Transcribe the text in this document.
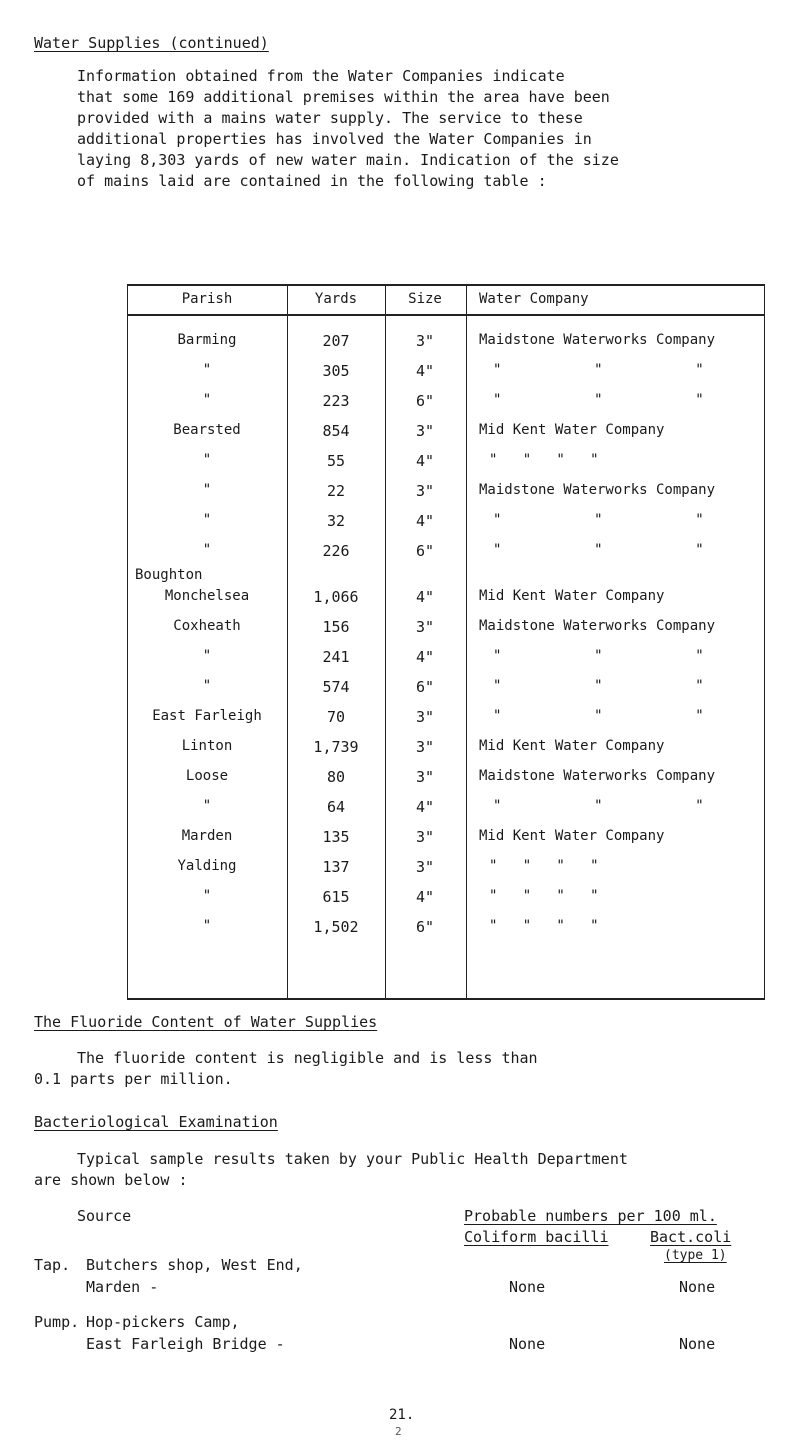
Water Supplies (continued)
Information obtained from the Water Companies indicate
that some 169 additional premises within the area have been
provided with a mains water supply. The service to these
additional properties has involved the Water Companies in
laying 8,303 yards of new water main. Indication of the size
of mains laid are contained in the following table :
Parish	Yards	Size	Water Company
Barming	207	3"	Maidstone Waterworks Company
"	305	4"	"           "           "
"	223	6"	"           "           "
Bearsted	854	3"	Mid Kent Water Company
"	55	4"	"   "   "   "
"	22	3"	Maidstone Waterworks Company
"	32	4"	"           "           "
"	226	6"	"           "           "
Boughton
Monchelsea	1,066	4"	Mid Kent Water Company
Coxheath	156	3"	Maidstone Waterworks Company
"	241	4"	"           "           "
"	574	6"	"           "           "
East Farleigh	70	3"	"           "           "
Linton	1,739	3"	Mid Kent Water Company
Loose	80	3"	Maidstone Waterworks Company
"	64	4"	"           "           "
Marden	135	3"	Mid Kent Water Company
Yalding	137	3"	"   "   "   "
"	615	4"	"   "   "   "
"	1,502	6"	"   "   "   "
The Fluoride Content of Water Supplies
The fluoride content is negligible and is less than
0.1 parts per million.
Bacteriological Examination
Typical sample results taken by your Public Health Department
are shown below :
Source	Probable numbers per 100 ml.
Coliform bacilli	Bact.coli
(type 1)
Tap. Butchers shop, West End,
Marden -	None	None
Pump. Hop-pickers Camp,
East Farleigh Bridge -	None	None
21.
2
